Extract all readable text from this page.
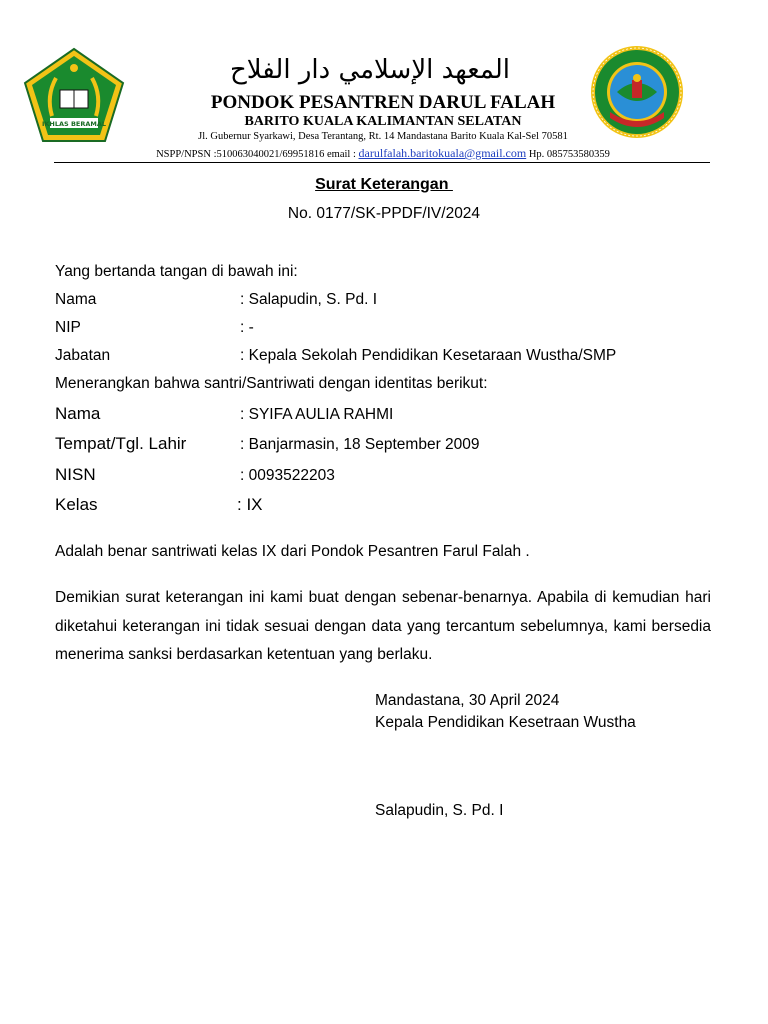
IKHLAS BERAMAL
المعهد الإسلامي دار الفلاح
PONDOK PESANTREN DARUL FALAH
BARITO KUALA KALIMANTAN SELATAN
Jl. Gubernur Syarkawi, Desa Terantang, Rt. 14 Mandastana Barito Kuala Kal-Sel 70581
NSPP/NPSN :510063040021/69951816 email : darulfalah.baritokuala@gmail.com Hp. 085753580359
Surat Keterangan
No. 0177/SK-PPDF/IV/2024
Yang bertanda tangan di bawah ini:
Nama	: Salapudin, S. Pd. I
NIP	: -
Jabatan	: Kepala Sekolah Pendidikan Kesetaraan Wustha/SMP
Menerangkan bahwa santri/Santriwati dengan identitas berikut:
Nama	: SYIFA AULIA RAHMI
Tempat/Tgl. Lahir	: Banjarmasin, 18 September 2009
NISN	: 0093522203
Kelas	: IX
Adalah benar santriwati kelas IX dari Pondok Pesantren Farul Falah .
Demikian surat keterangan ini kami buat dengan sebenar-benarnya. Apabila di kemudian hari diketahui keterangan ini tidak sesuai dengan data yang tercantum sebelumnya, kami bersedia menerima sanksi berdasarkan ketentuan yang berlaku.
Mandastana, 30 April 2024
Kepala Pendidikan Kesetraan Wustha
Salapudin, S. Pd. I
